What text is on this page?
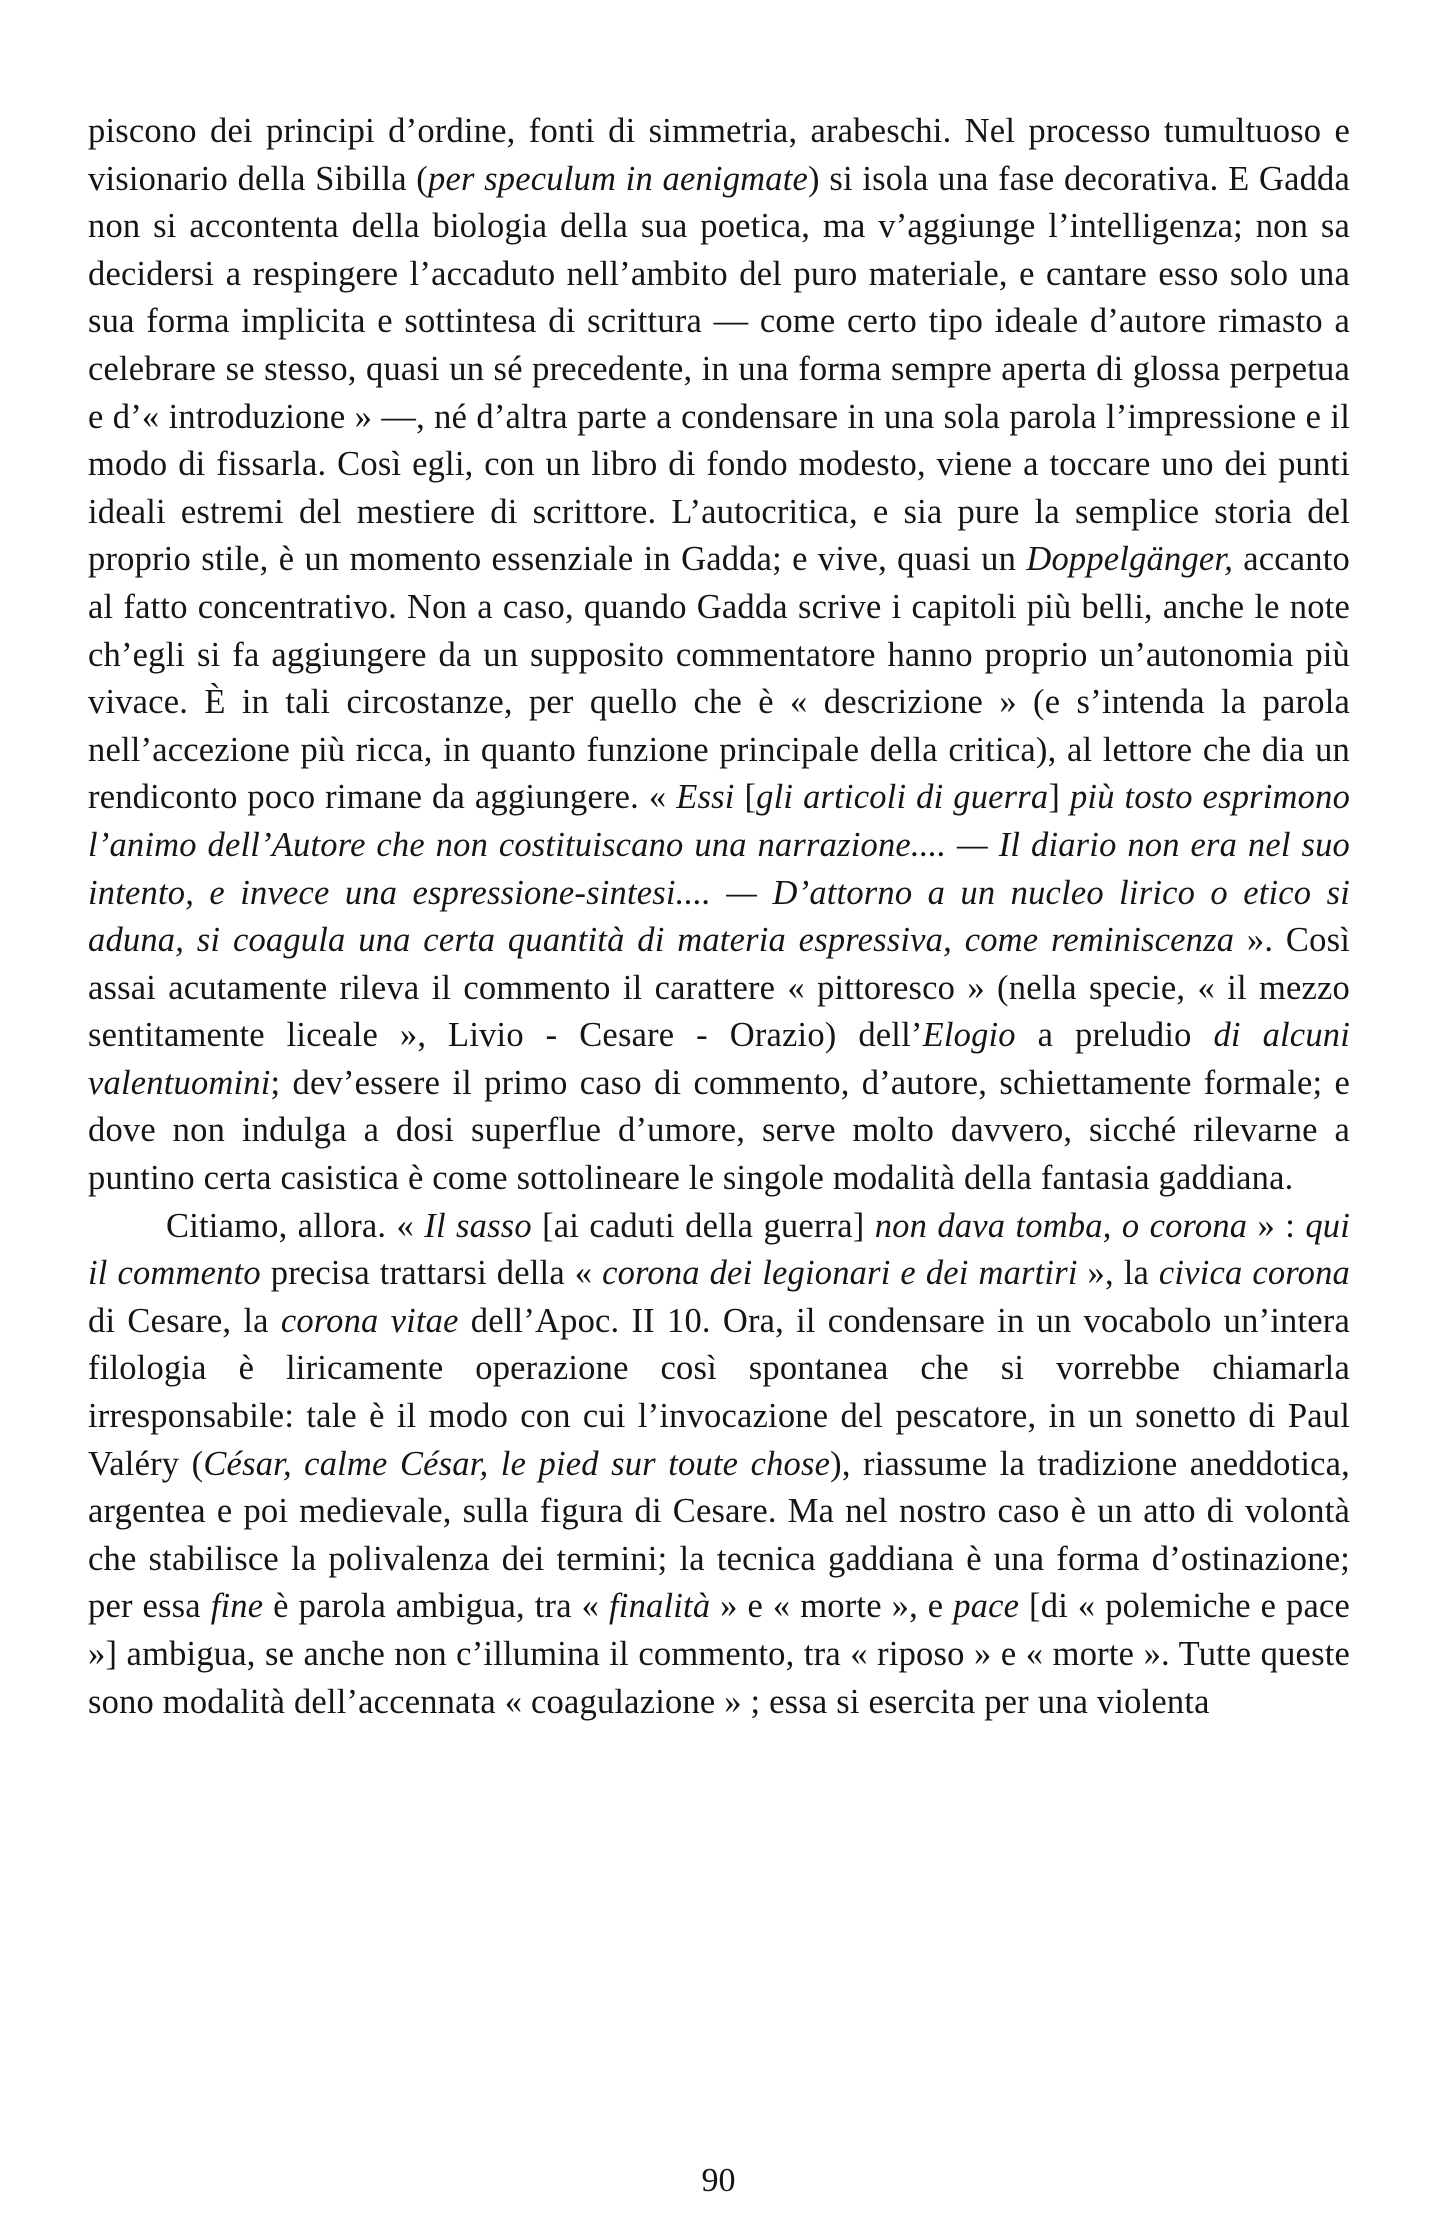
piscono dei principi d’ordine, fonti di simmetria, arabeschi. Nel processo tumultuoso e visionario della Sibilla (per speculum in aenigmate) si isola una fase decorativa. E Gadda non si accontenta della biologia della sua poetica, ma v’aggiunge l’intelligenza; non sa decidersi a respingere l’accaduto nell’ambito del puro materiale, e cantare esso solo una sua forma implicita e sottintesa di scrittura — come certo tipo ideale d’autore rimasto a celebrare se stesso, quasi un sé precedente, in una forma sempre aperta di glossa perpetua e d’« introduzione » —, né d’altra parte a condensare in una sola parola l’impressione e il modo di fissarla. Così egli, con un libro di fondo modesto, viene a toccare uno dei punti ideali estremi del mestiere di scrittore. L’autocritica, e sia pure la semplice storia del proprio stile, è un momento essenziale in Gadda; e vive, quasi un Doppelgänger, accanto al fatto concentrativo. Non a caso, quando Gadda scrive i capitoli più belli, anche le note ch’egli si fa aggiungere da un supposito commentatore hanno proprio un’autonomia più vivace. È in tali circostanze, per quello che è « descrizione » (e s’intenda la parola nell’accezione più ricca, in quanto funzione principale della critica), al lettore che dia un rendiconto poco rimane da aggiungere. « Essi [gli articoli di guerra] più tosto esprimono l’animo dell’Autore che non costituiscano una narrazione.... — Il diario non era nel suo intento, e invece una espressione-sintesi.... — D’attorno a un nucleo lirico o etico si aduna, si coagula una certa quantità di materia espressiva, come reminiscenza ». Così assai acutamente rileva il commento il carattere « pittoresco » (nella specie, « il mezzo sentitamente liceale », Livio - Cesare - Orazio) dell’Elogio a preludio di alcuni valentuomini; dev’essere il primo caso di commento, d’autore, schiettamente formale; e dove non indulga a dosi superflue d’umore, serve molto davvero, sicché rilevarne a puntino certa casistica è come sottolineare le singole modalità della fantasia gaddiana.

Citiamo, allora. « Il sasso [ai caduti della guerra] non dava tomba, o corona » : qui il commento precisa trattarsi della « corona dei legionari e dei martiri », la civica corona di Cesare, la corona vitae dell’Apoc. II 10. Ora, il condensare in un vocabolo un’intera filologia è liricamente operazione così spontanea che si vorrebbe chiamarla irresponsabile: tale è il modo con cui l’invocazione del pescatore, in un sonetto di Paul Valéry (César, calme César, le pied sur toute chose), riassume la tradizione aneddotica, argentea e poi medievale, sulla figura di Cesare. Ma nel nostro caso è un atto di volontà che stabilisce la polivalenza dei termini; la tecnica gaddiana è una forma d’ostinazione; per essa fine è parola ambigua, tra « finalità » e « morte », e pace [di « polemiche e pace »] ambigua, se anche non c’illumina il commento, tra « riposo » e « morte ». Tutte queste sono modalità dell’accennata « coagulazione » ; essa si esercita per una violenta

90
